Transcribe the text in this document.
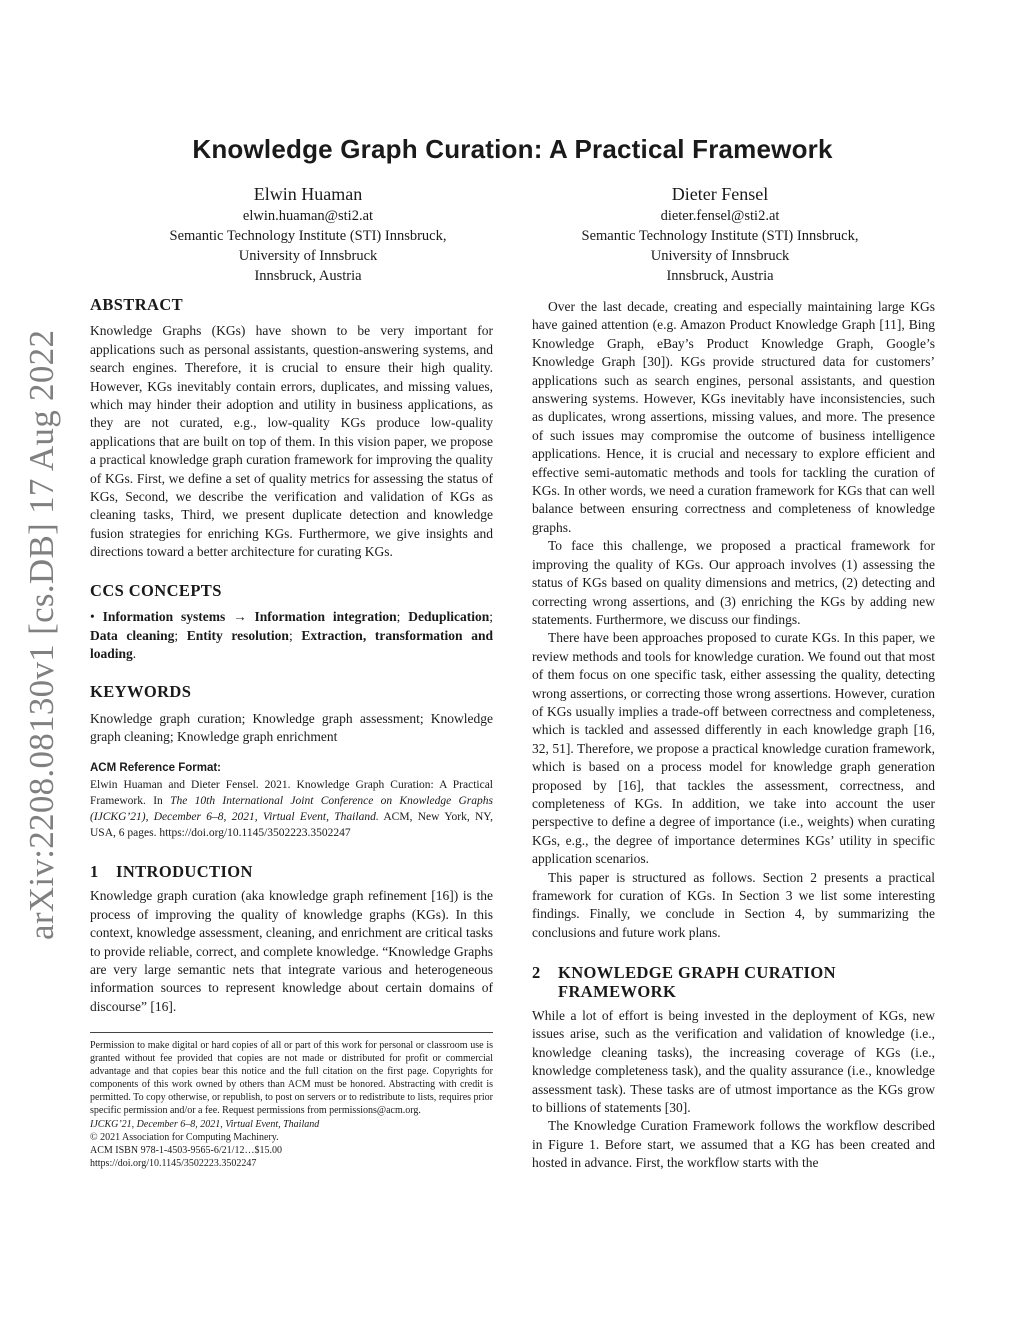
arXiv:2208.08130v1 [cs.DB] 17 Aug 2022
Knowledge Graph Curation: A Practical Framework
Elwin Huaman
elwin.huaman@sti2.at
Semantic Technology Institute (STI) Innsbruck,
University of Innsbruck
Innsbruck, Austria
Dieter Fensel
dieter.fensel@sti2.at
Semantic Technology Institute (STI) Innsbruck,
University of Innsbruck
Innsbruck, Austria
ABSTRACT

Knowledge Graphs (KGs) have shown to be very important for applications such as personal assistants, question-answering systems, and search engines. Therefore, it is crucial to ensure their high quality. However, KGs inevitably contain errors, duplicates, and missing values, which may hinder their adoption and utility in business applications, as they are not curated, e.g., low-quality KGs produce low-quality applications that are built on top of them. In this vision paper, we propose a practical knowledge graph curation framework for improving the quality of KGs. First, we define a set of quality metrics for assessing the status of KGs, Second, we describe the verification and validation of KGs as cleaning tasks, Third, we present duplicate detection and knowledge fusion strategies for enriching KGs. Furthermore, we give insights and directions toward a better architecture for curating KGs.

CCS CONCEPTS

• Information systems → Information integration; Deduplication; Data cleaning; Entity resolution; Extraction, transformation and loading.

KEYWORDS

Knowledge graph curation; Knowledge graph assessment; Knowledge graph cleaning; Knowledge graph enrichment

ACM Reference Format:

Elwin Huaman and Dieter Fensel. 2021. Knowledge Graph Curation: A Practical Framework. In The 10th International Joint Conference on Knowledge Graphs (IJCKG’21), December 6–8, 2021, Virtual Event, Thailand. ACM, New York, NY, USA, 6 pages. https://doi.org/10.1145/3502223.3502247

1	INTRODUCTION

Knowledge graph curation (aka knowledge graph refinement [16]) is the process of improving the quality of knowledge graphs (KGs). In this context, knowledge assessment, cleaning, and enrichment are critical tasks to provide reliable, correct, and complete knowledge. “Knowledge Graphs are very large semantic nets that integrate various and heterogeneous information sources to represent knowledge about certain domains of discourse” [16].

Permission to make digital or hard copies of all or part of this work for personal or classroom use is granted without fee provided that copies are not made or distributed for profit or commercial advantage and that copies bear this notice and the full citation on the first page. Copyrights for components of this work owned by others than ACM must be honored. Abstracting with credit is permitted. To copy otherwise, or republish, to post on servers or to redistribute to lists, requires prior specific permission and/or a fee. Request permissions from permissions@acm.org.

IJCKG’21, December 6–8, 2021, Virtual Event, Thailand

© 2021 Association for Computing Machinery.

ACM ISBN 978-1-4503-9565-6/21/12…$15.00

https://doi.org/10.1145/3502223.3502247

Over the last decade, creating and especially maintaining large KGs have gained attention (e.g. Amazon Product Knowledge Graph [11], Bing Knowledge Graph, eBay’s Product Knowledge Graph, Google’s Knowledge Graph [30]). KGs provide structured data for customers’ applications such as search engines, personal assistants, and question answering systems. However, KGs inevitably have inconsistencies, such as duplicates, wrong assertions, missing values, and more. The presence of such issues may compromise the outcome of business intelligence applications. Hence, it is crucial and necessary to explore efficient and effective semi-automatic methods and tools for tackling the curation of KGs. In other words, we need a curation framework for KGs that can well balance between ensuring correctness and completeness of knowledge graphs.

To face this challenge, we proposed a practical framework for improving the quality of KGs. Our approach involves (1) assessing the status of KGs based on quality dimensions and metrics, (2) detecting and correcting wrong assertions, and (3) enriching the KGs by adding new statements. Furthermore, we discuss our findings.

There have been approaches proposed to curate KGs. In this paper, we review methods and tools for knowledge curation. We found out that most of them focus on one specific task, either assessing the quality, detecting wrong assertions, or correcting those wrong assertions. However, curation of KGs usually implies a trade-off between correctness and completeness, which is tackled and assessed differently in each knowledge graph [16, 32, 51]. Therefore, we propose a practical knowledge curation framework, which is based on a process model for knowledge graph generation proposed by [16], that tackles the assessment, correctness, and completeness of KGs. In addition, we take into account the user perspective to define a degree of importance (i.e., weights) when curating KGs, e.g., the degree of importance determines KGs’ utility in specific application scenarios.

This paper is structured as follows. Section 2 presents a practical framework for curation of KGs. In Section 3 we list some interesting findings. Finally, we conclude in Section 4, by summarizing the conclusions and future work plans.

2	KNOWLEDGE GRAPH CURATION
FRAMEWORK

While a lot of effort is being invested in the deployment of KGs, new issues arise, such as the verification and validation of knowledge (i.e., knowledge cleaning tasks), the increasing coverage of KGs (i.e., knowledge completeness task), and the quality assurance (i.e., knowledge assessment task). These tasks are of utmost importance as the KGs grow to billions of statements [30].

The Knowledge Curation Framework follows the workflow described in Figure 1. Before start, we assumed that a KG has been created and hosted in advance. First, the workflow starts with the
